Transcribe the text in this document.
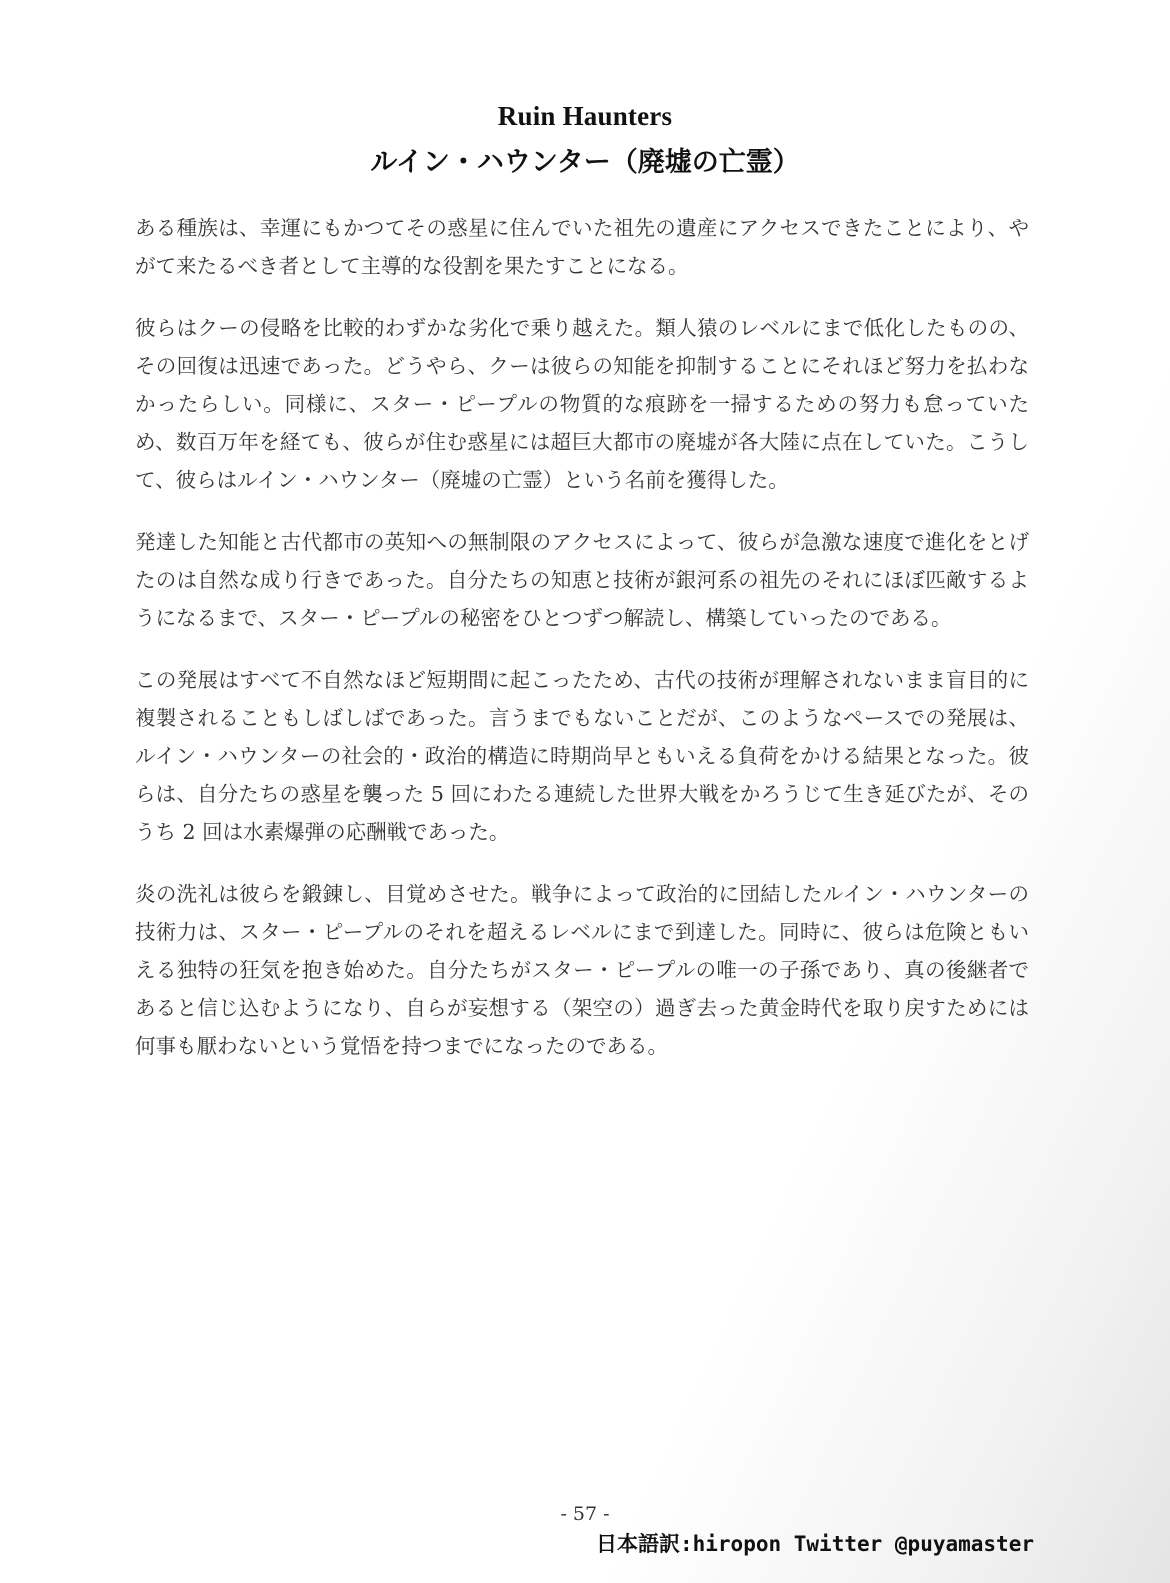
Ruin Haunters
ルイン・ハウンター（廃墟の亡霊）

ある種族は、幸運にもかつてその惑星に住んでいた祖先の遺産にアクセスできたことにより、やがて来たるべき者として主導的な役割を果たすことになる。

彼らはクーの侵略を比較的わずかな劣化で乗り越えた。類人猿のレベルにまで低化したものの、その回復は迅速であった。どうやら、クーは彼らの知能を抑制することにそれほど努力を払わなかったらしい。同様に、スター・ピープルの物質的な痕跡を一掃するための努力も怠っていため、数百万年を経ても、彼らが住む惑星には超巨大都市の廃墟が各大陸に点在していた。こうして、彼らはルイン・ハウンター（廃墟の亡霊）という名前を獲得した。

発達した知能と古代都市の英知への無制限のアクセスによって、彼らが急激な速度で進化をとげたのは自然な成り行きであった。自分たちの知恵と技術が銀河系の祖先のそれにほぼ匹敵するようになるまで、スター・ピープルの秘密をひとつずつ解読し、構築していったのである。

この発展はすべて不自然なほど短期間に起こったため、古代の技術が理解されないまま盲目的に複製されることもしばしばであった。言うまでもないことだが、このようなペースでの発展は、ルイン・ハウンターの社会的・政治的構造に時期尚早ともいえる負荷をかける結果となった。彼らは、自分たちの惑星を襲った 5 回にわたる連続した世界大戦をかろうじて生き延びたが、そのうち 2 回は水素爆弾の応酬戦であった。

炎の洗礼は彼らを鍛錬し、目覚めさせた。戦争によって政治的に団結したルイン・ハウンターの技術力は、スター・ピープルのそれを超えるレベルにまで到達した。同時に、彼らは危険ともいえる独特の狂気を抱き始めた。自分たちがスター・ピープルの唯一の子孫であり、真の後継者であると信じ込むようになり、自らが妄想する（架空の）過ぎ去った黄金時代を取り戻すためには何事も厭わないという覚悟を持つまでになったのである。

- 57 -
日本語訳:hiropon Twitter @puyamaster
